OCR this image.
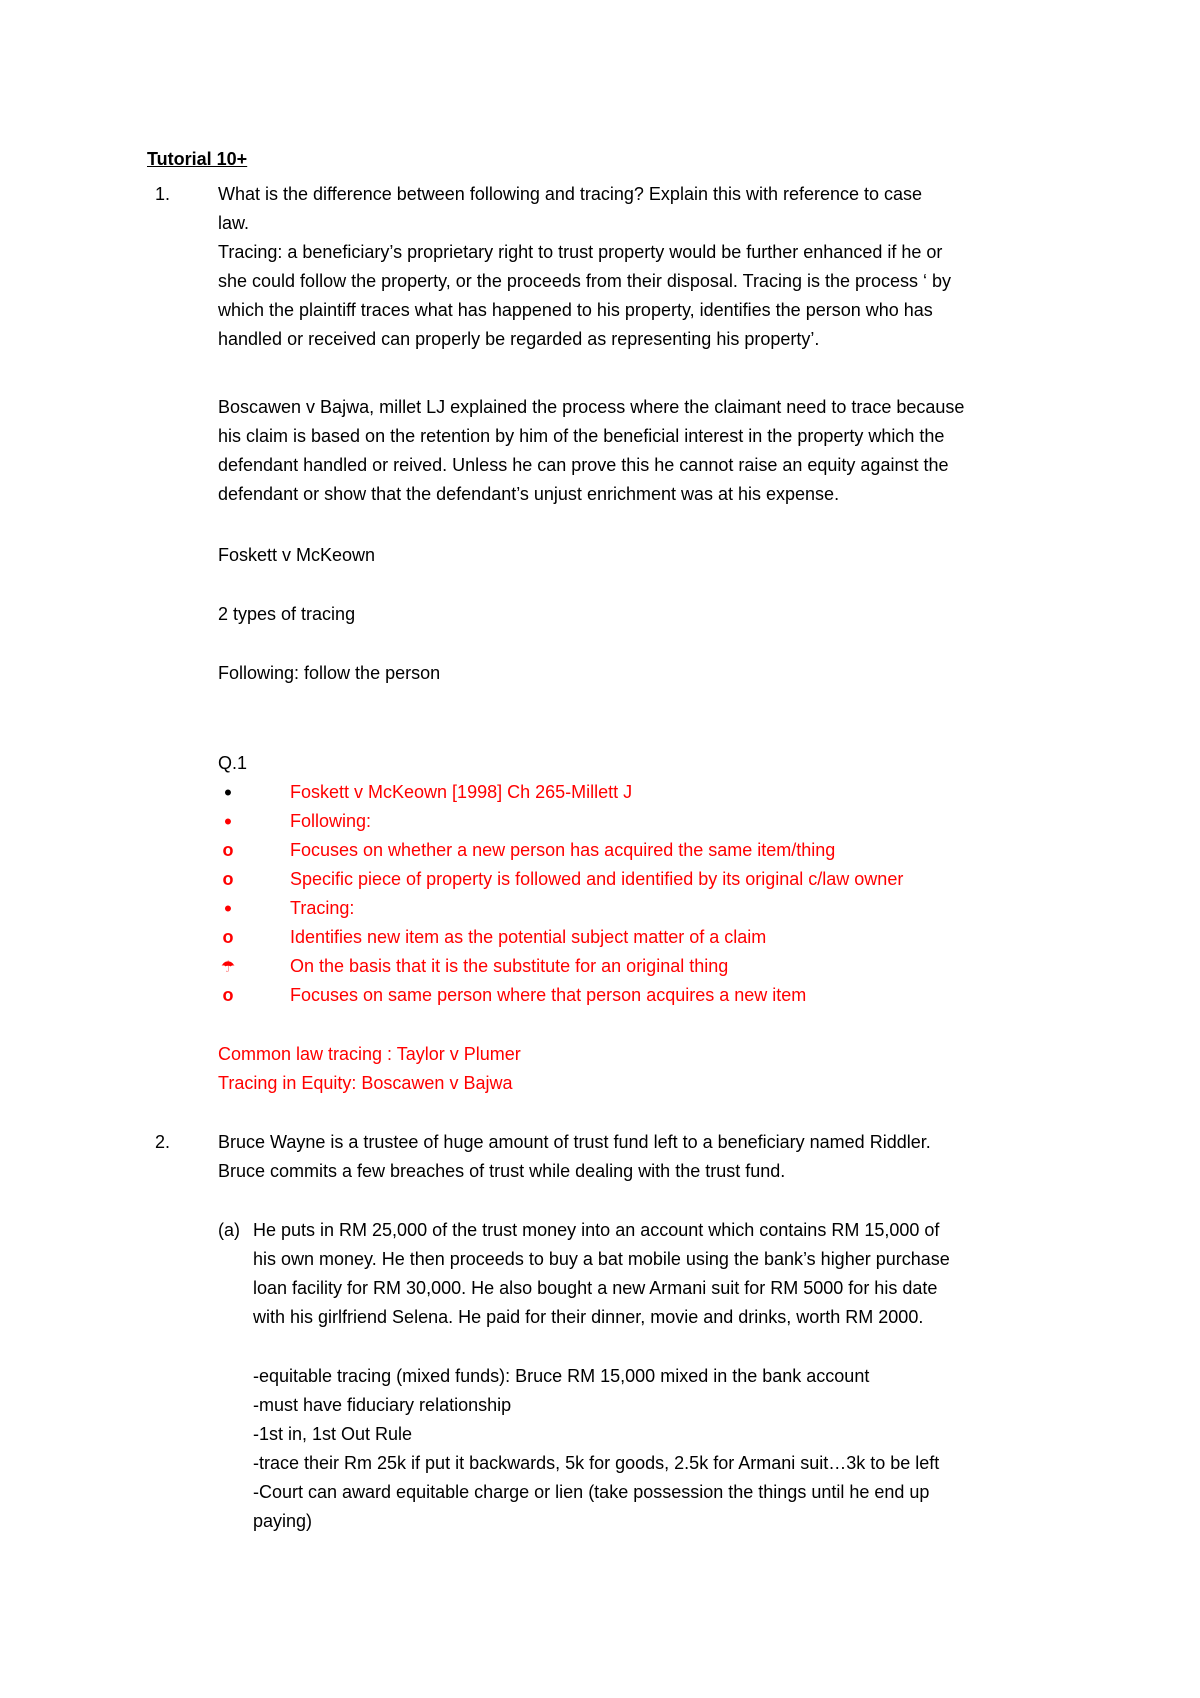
Tutorial 10+
1.	What is the difference between following and tracing? Explain this with reference to case
law.
Tracing: a beneficiary’s proprietary right to trust property would be further enhanced if he or
she could follow the property, or the proceeds from their disposal. Tracing is the process ‘ by
which the plaintiff traces what has happened to his property, identifies the person who has
handled or received can properly be regarded as representing his property’.
Boscawen v Bajwa, millet LJ explained the process where the claimant need to trace because
his claim is based on the retention by him of the beneficial interest in the property which the
defendant handled or reived. Unless he can prove this he cannot raise an equity against the
defendant or show that the defendant’s unjust enrichment was at his expense.
Foskett v McKeown
2 types of tracing
Following: follow the person
Q.1
•
Foskett v McKeown [1998] Ch 265-Millett J
•
Following:
o
Focuses on whether a new person has acquired the same item/thing
o
Specific piece of property is followed and identified by its original c/law owner
•
Tracing:
o
Identifies new item as the potential subject matter of a claim
☂
On the basis that it is the substitute for an original thing
o
Focuses on same person where that person acquires a new item
Common law tracing : Taylor v Plumer
Tracing in Equity: Boscawen v Bajwa
2.	Bruce Wayne is a trustee of huge amount of trust fund left to a beneficiary named Riddler.
Bruce commits a few breaches of trust while dealing with the trust fund.
(a) He puts in RM 25,000 of the trust money into an account which contains RM 15,000 of
his own money. He then proceeds to buy a bat mobile using the bank’s higher purchase
loan facility for RM 30,000. He also bought a new Armani suit for RM 5000 for his date
with his girlfriend Selena. He paid for their dinner, movie and drinks, worth RM 2000.
-equitable tracing (mixed funds): Bruce RM 15,000 mixed in the bank account
-must have fiduciary relationship
-1st in, 1st Out Rule
-trace their Rm 25k if put it backwards, 5k for goods, 2.5k for Armani suit…3k to be left
-Court can award equitable charge or lien (take possession the things until he end up
paying)
